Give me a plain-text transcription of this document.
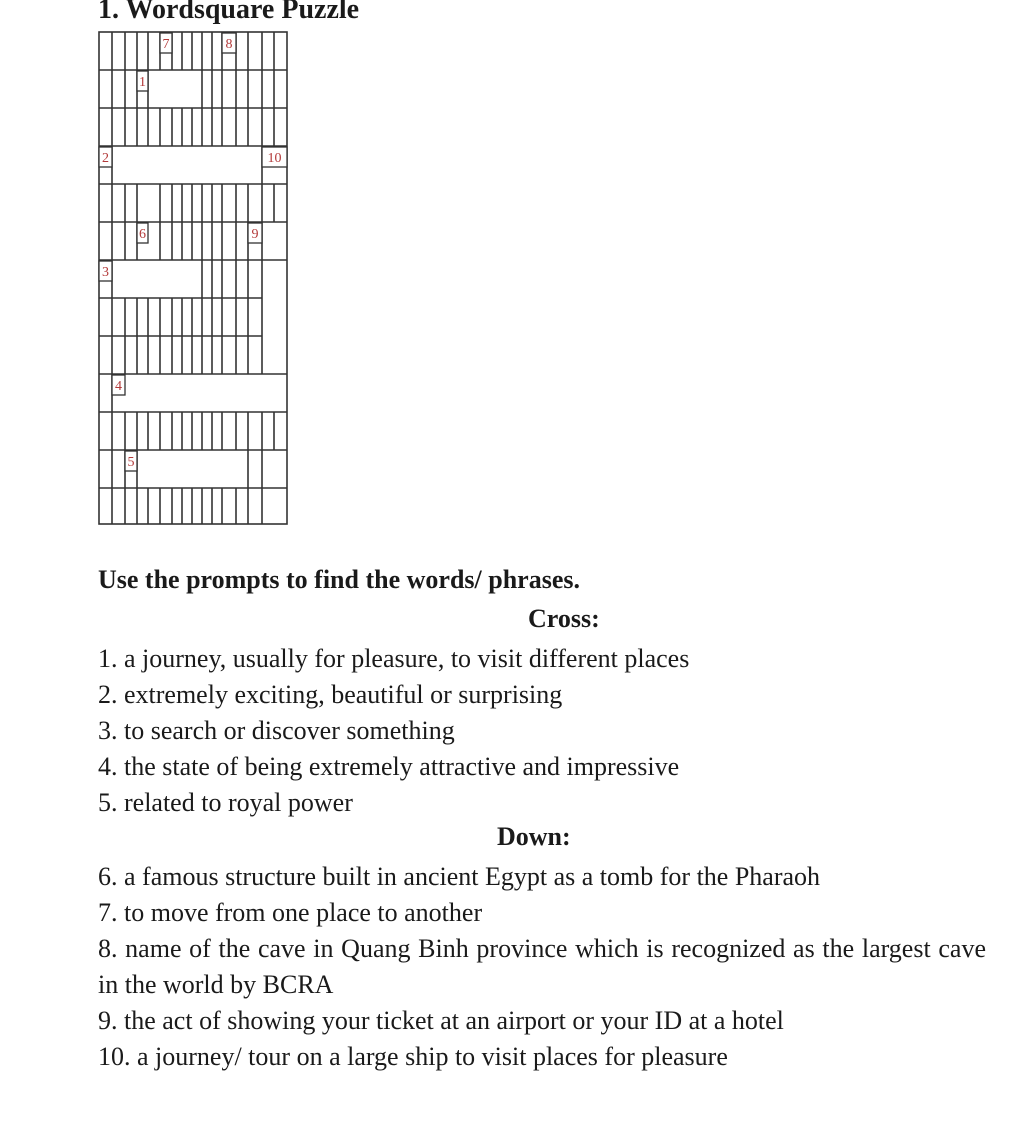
1. Wordsquare Puzzle
7	8
1
2	10
6	9
3
4
5

Use the prompts to find the words/ phrases.

Cross:
1. a journey, usually for pleasure, to visit different places
2. extremely exciting, beautiful or surprising
3. to search or discover something
4. the state of being extremely attractive and impressive
5. related to royal power
Down:
6. a famous structure built in ancient Egypt as a tomb for the Pharaoh
7. to move from one place to another
8. name of the cave in Quang Binh province which is recognized as the largest cave in the world by BCRA
9. the act of showing your ticket at an airport or your ID at a hotel
10. a journey/ tour on a large ship to visit places for pleasure
